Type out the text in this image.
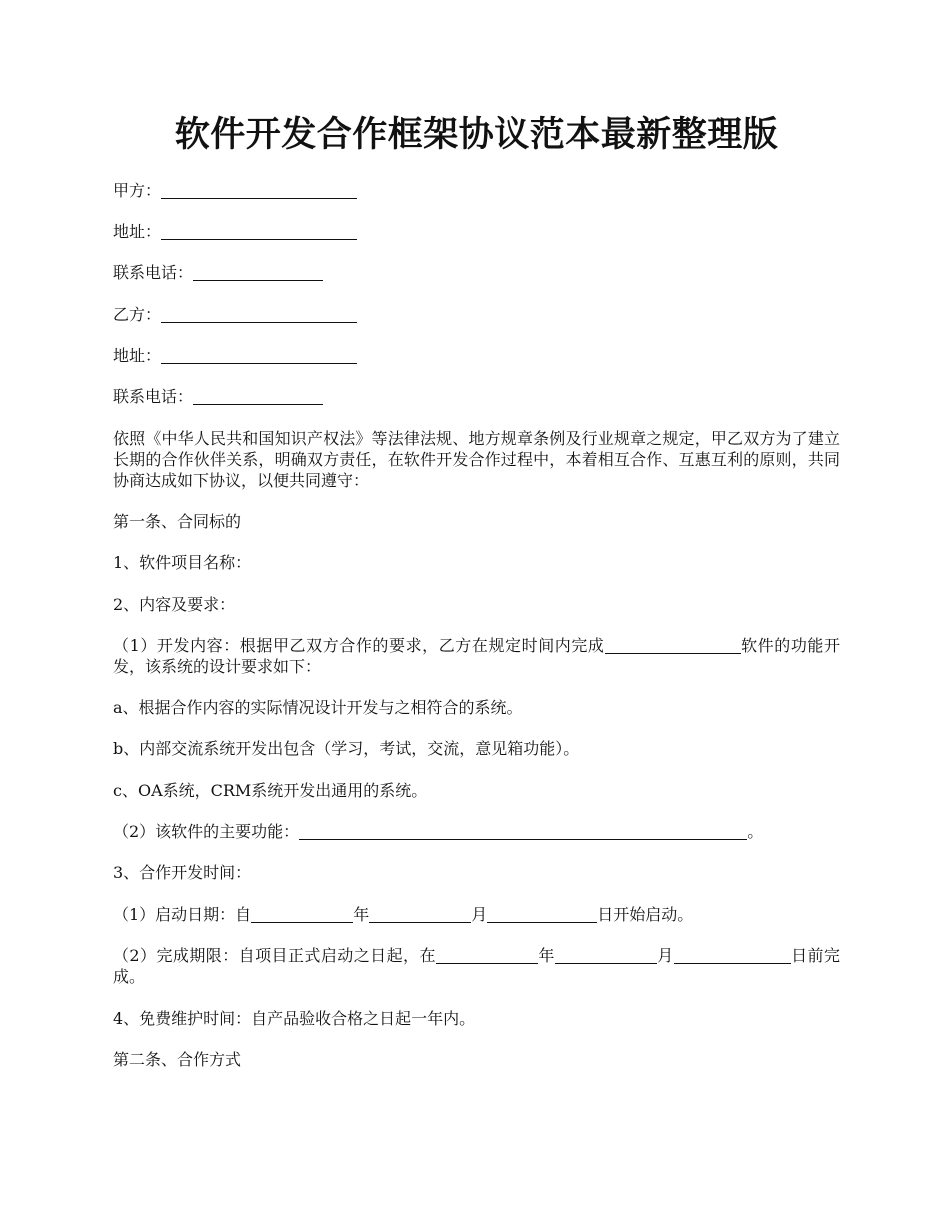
软件开发合作框架协议范本最新整理版

甲方：

地址：

联系电话：

乙方：

地址：

联系电话：

依照《中华人民共和国知识产权法》等法律法规、地方规章条例及行业规章之规定，甲乙双方为了建立长期的合作伙伴关系，明确双方责任，在软件开发合作过程中，本着相互合作、互惠互利的原则，共同协商达成如下协议，以便共同遵守：

第一条、合同标的

1、软件项目名称：

2、内容及要求：

（1）开发内容：根据甲乙双方合作的要求，乙方在规定时间内完成	软件的功能开发，该系统的设计要求如下：

a、根据合作内容的实际情况设计开发与之相符合的系统。

b、内部交流系统开发出包含（学习，考试，交流，意见箱功能）。

c、OA系统，CRM系统开发出通用的系统。

（2）该软件的主要功能：	。

3、合作开发时间：

（1）启动日期：自	年	月	日开始启动。

（2）完成期限：自项目正式启动之日起，在	年	月	日前完成。

4、免费维护时间：自产品验收合格之日起一年内。

第二条、合作方式
